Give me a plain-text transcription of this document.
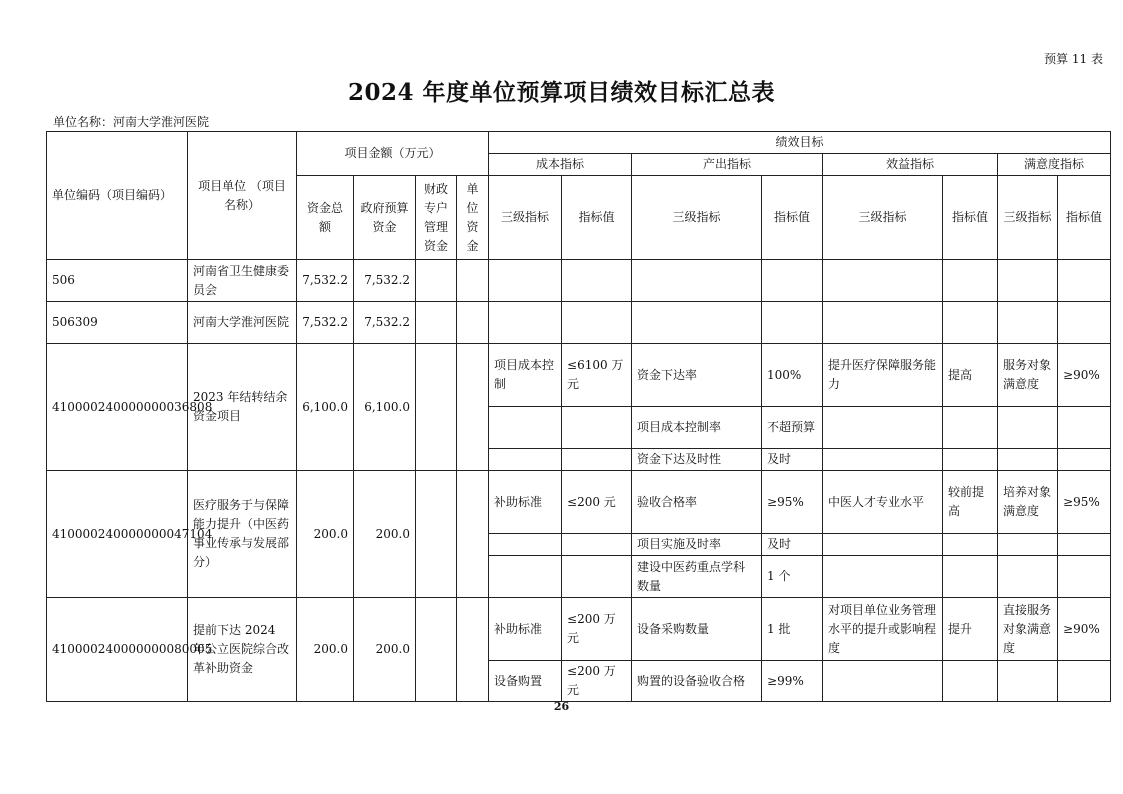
预算 11 表
2024 年度单位预算项目绩效目标汇总表
单位名称：河南大学淮河医院
单位编码（项目编码）	项目单位 （项目名称）	项目金额（万元）				绩效目标							
						成本指标		产出指标		效益指标		满意度指标	
		资金总额	政府预算资金	财政专户管理资金	单位资金	三级指标	指标值	三级指标	指标值	三级指标	指标值	三级指标	指标值
506	河南省卫生健康委员会	7,532.2	7,532.2										
506309	河南大学淮河医院	7,532.2	7,532.2										
410000240000000036808	2023 年结转结余资金项目	6,100.0	6,100.0			项目成本控制	≤6100 万元	资金下达率	100%	提升医疗保障服务能力	提高	服务对象满意度	≥90%
								项目成本控制率	不超预算				
								资金下达及时性	及时				
410000240000000047104	医疗服务于与保障能力提升（中医药事业传承与发展部分）	200.0	200.0			补助标准	≤200 元	验收合格率	≥95%	中医人才专业水平	较前提高	培养对象满意度	≥95%
								项目实施及时率	及时				
								建设中医药重点学科数量	1 个				
410000240000000080005	提前下达 2024 年公立医院综合改革补助资金	200.0	200.0			补助标准	≤200 万元	设备采购数量	1 批	对项目单位业务管理水平的提升或影响程度	提升	直接服务对象满意度	≥90%
						设备购置	≤200 万元	购置的设备验收合格	≥99%				
26
